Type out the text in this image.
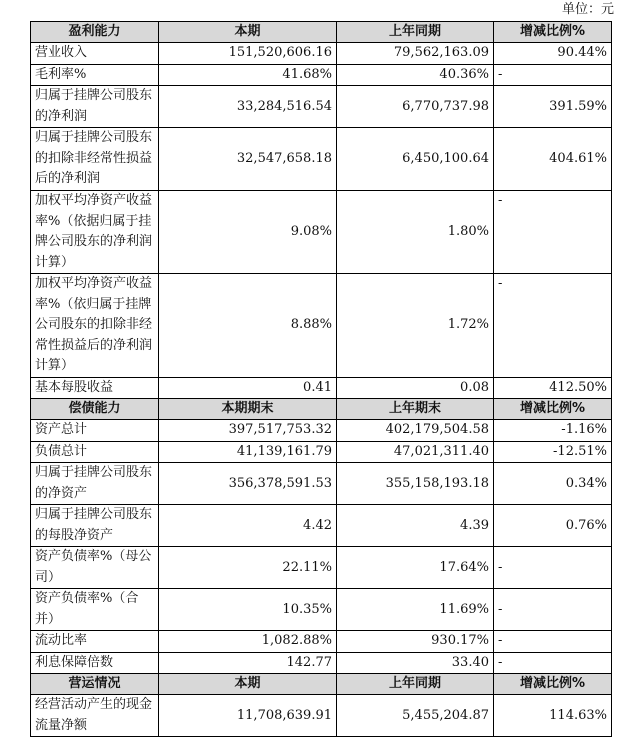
单位：元
盈利能力	本期	上年同期	增减比例%
营业收入	151,520,606.16	79,562,163.09	90.44%
毛利率%	41.68%	40.36%	-
归属于挂牌公司股东的净利润	33,284,516.54	6,770,737.98	391.59%
归属于挂牌公司股东的扣除非经常性损益后的净利润	32,547,658.18	6,450,100.64	404.61%
加权平均净资产收益率%（依据归属于挂牌公司股东的净利润计算）	9.08%	1.80%	-
加权平均净资产收益率%（依归属于挂牌公司股东的扣除非经常性损益后的净利润计算）	8.88%	1.72%	-
基本每股收益	0.41	0.08	412.50%
偿债能力	本期期末	上年期末	增减比例%
资产总计	397,517,753.32	402,179,504.58	-1.16%
负债总计	41,139,161.79	47,021,311.40	-12.51%
归属于挂牌公司股东的净资产	356,378,591.53	355,158,193.18	0.34%
归属于挂牌公司股东的每股净资产	4.42	4.39	0.76%
资产负债率%（母公司）	22.11%	17.64%	-
资产负债率%（合并）	10.35%	11.69%	-
流动比率	1,082.88%	930.17%	-
利息保障倍数	142.77	33.40	-
营运情况	本期	上年同期	增减比例%
经营活动产生的现金流量净额	11,708,639.91	5,455,204.87	114.63%
